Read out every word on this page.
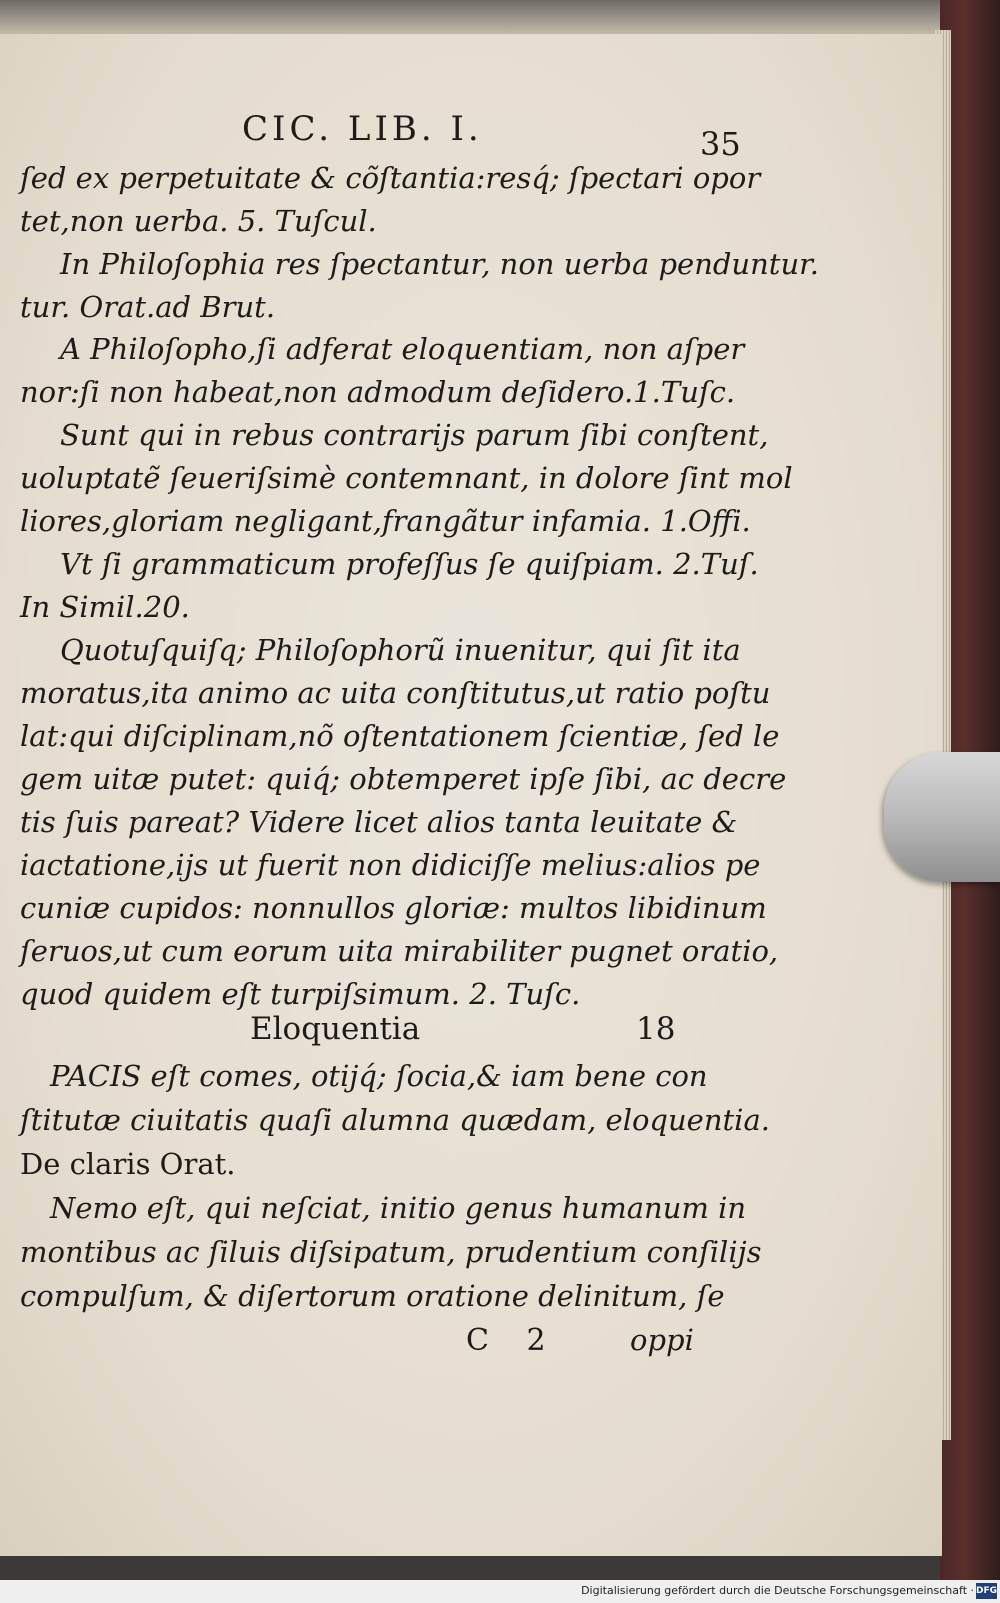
CIC. LIB. I.	35
ſed ex perpetuitate & cõſtantia:resq́; ſpectari opor
tet,non uerba. 5. Tuſcul.
In Philoſophia res ſpectantur, non uerba penduntur.
tur. Orat.ad Brut.
A Philoſopho,ſi adferat eloquentiam, non aſper
nor:ſi non habeat,non admodum deſidero.1.Tuſc.
Sunt qui in rebus contrarijs parum ſibi conſtent,
uoluptatẽ ſeueriſsimè contemnant, in dolore ſint mol
liores,gloriam negligant,frangãtur infamia. 1.Offi.
Vt ſi grammaticum profeſſus ſe quiſpiam. 2.Tuſ.
In Simil.20.
Quotuſquiſq; Philoſophorũ inuenitur, qui ſit ita
moratus,ita animo ac uita conſtitutus,ut ratio poſtu
lat:qui diſciplinam,nõ oſtentationem ſcientiæ, ſed le
gem uitæ putet: quiq́; obtemperet ipſe ſibi, ac decre
tis ſuis pareat? Videre licet alios tanta leuitate &
iactatione,ijs ut fuerit non didiciſſe melius:alios pe
cuniæ cupidos: nonnullos gloriæ: multos libidinum
ſeruos,ut cum eorum uita mirabiliter pugnet oratio,
quod quidem eſt turpiſsimum. 2. Tuſc.
Eloquentia	18
PACIS eſt comes, otijq́; ſocia,& iam bene con
ſtitutæ ciuitatis quaſi alumna quædam, eloquentia.
De claris Orat.
Nemo eſt, qui neſciat, initio genus humanum in
montibus ac ſiluis diſsipatum, prudentium conſilijs
compulſum, & diſertorum oratione delinitum, ſe
C 2 oppi
Digitalisierung gefördert durch die Deutsche Forschungsgemeinschaft · DFG
